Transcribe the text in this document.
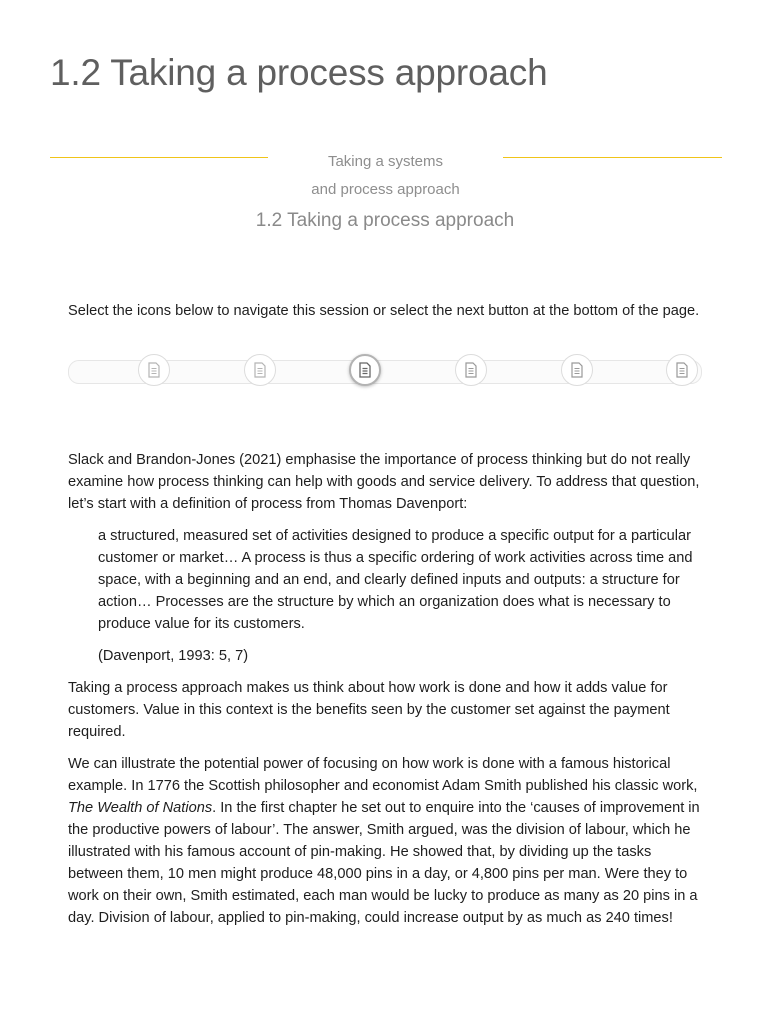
1.2 Taking a process approach
Taking a systems
and process approach
1.2 Taking a process approach

Select the icons below to navigate this session or select the next button at the bottom of the page.

Slack and Brandon-Jones (2021) emphasise the importance of process thinking but do not really examine how process thinking can help with goods and service delivery. To address that question, let’s start with a definition of process from Thomas Davenport:

a structured, measured set of activities designed to produce a specific output for a particular customer or market… A process is thus a specific ordering of work activities across time and space, with a beginning and an end, and clearly defined inputs and outputs: a structure for action… Processes are the structure by which an organization does what is necessary to produce value for its customers.

(Davenport, 1993: 5, 7)

Taking a process approach makes us think about how work is done and how it adds value for customers. Value in this context is the benefits seen by the customer set against the payment required.

We can illustrate the potential power of focusing on how work is done with a famous historical example. In 1776 the Scottish philosopher and economist Adam Smith published his classic work, The Wealth of Nations. In the first chapter he set out to enquire into the ‘causes of improvement in the productive powers of labour’. The answer, Smith argued, was the division of labour, which he illustrated with his famous account of pin-making. He showed that, by dividing up the tasks between them, 10 men might produce 48,000 pins in a day, or 4,800 pins per man. Were they to work on their own, Smith estimated, each man would be lucky to produce as many as 20 pins in a day. Division of labour, applied to pin-making, could increase output by as much as 240 times!
